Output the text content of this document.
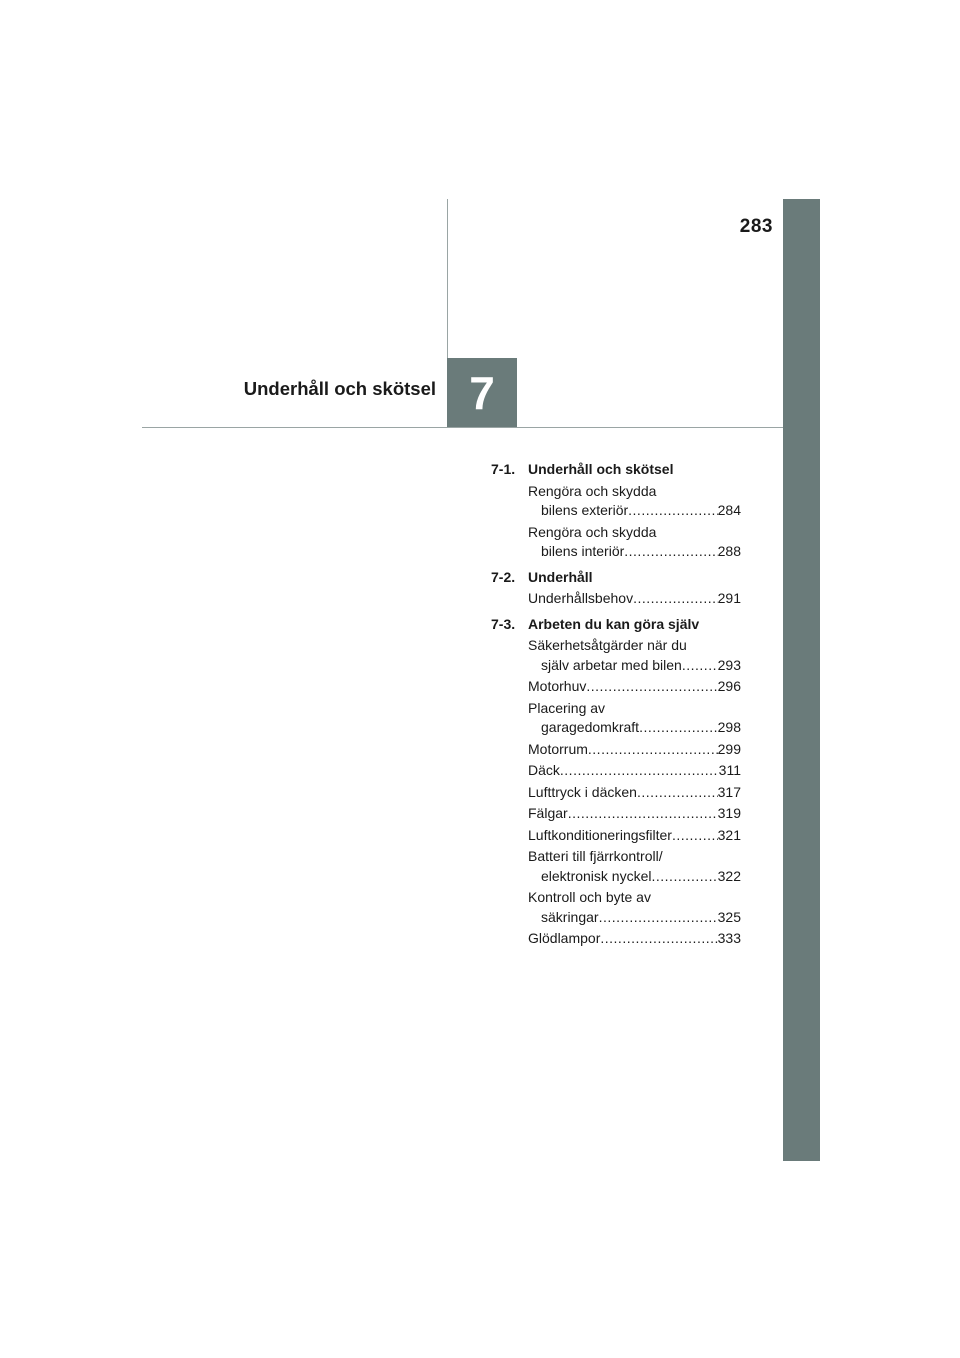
283
7
Underhåll och skötsel
7-1. Underhåll och skötsel
Rengöra och skydda
bilens exteriör .....	284
Rengöra och skydda
bilens interiör .....	288
7-2. Underhåll
Underhållsbehov .....	291
7-3. Arbeten du kan göra själv
Säkerhetsåtgärder när du
själv arbetar med bilen .....	293
Motorhuv .....	296
Placering av
garagedomkraft .....	298
Motorrum .....	299
Däck .....	311
Lufttryck i däcken .....	317
Fälgar .....	319
Luftkonditioneringsfilter .....	321
Batteri till fjärrkontroll/
elektronisk nyckel .....	322
Kontroll och byte av
säkringar .....	325
Glödlampor .....	333
